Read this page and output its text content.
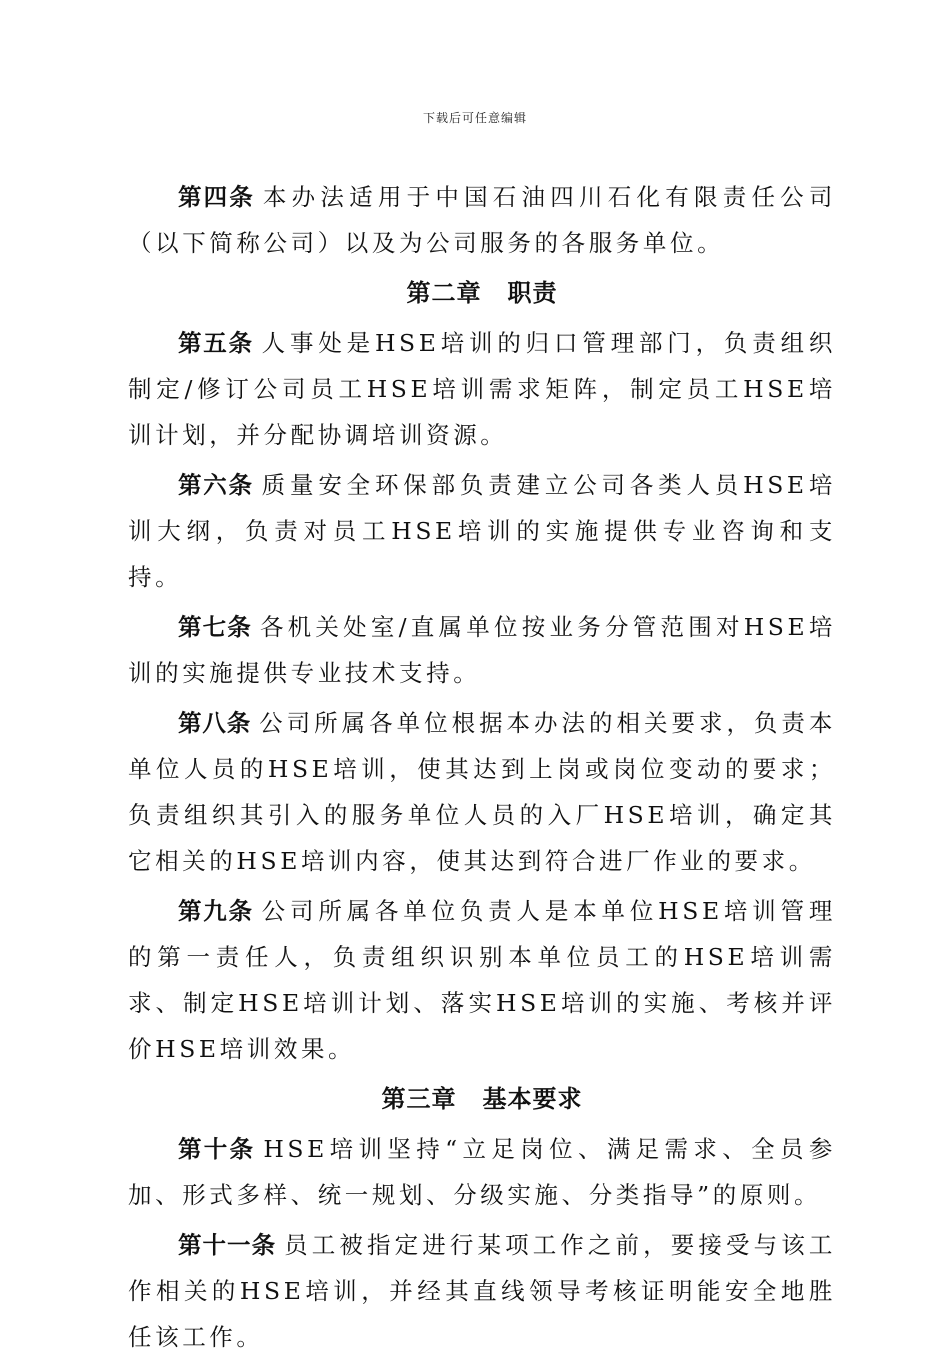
下载后可任意编辑

第四条 本办法适用于中国石油四川石化有限责任公司（以下简称公司）以及为公司服务的各服务单位。

第二章 职责

第五条 人事处是HSE培训的归口管理部门，负责组织制定/修订公司员工HSE培训需求矩阵，制定员工HSE培训计划，并分配协调培训资源。

第六条 质量安全环保部负责建立公司各类人员HSE培训大纲，负责对员工HSE培训的实施提供专业咨询和支持。

第七条 各机关处室/直属单位按业务分管范围对HSE培训的实施提供专业技术支持。

第八条 公司所属各单位根据本办法的相关要求，负责本单位人员的HSE培训，使其达到上岗或岗位变动的要求；负责组织其引入的服务单位人员的入厂HSE培训，确定其它相关的HSE培训内容，使其达到符合进厂作业的要求。

第九条 公司所属各单位负责人是本单位HSE培训管理的第一责任人，负责组织识别本单位员工的HSE培训需求、制定HSE培训计划、落实HSE培训的实施、考核并评价HSE培训效果。

第三章 基本要求

第十条 HSE培训坚持“立足岗位、满足需求、全员参加、形式多样、统一规划、分级实施、分类指导”的原则。

第十一条 员工被指定进行某项工作之前，要接受与该工作相关的HSE培训，并经其直线领导考核证明能安全地胜任该工作。
